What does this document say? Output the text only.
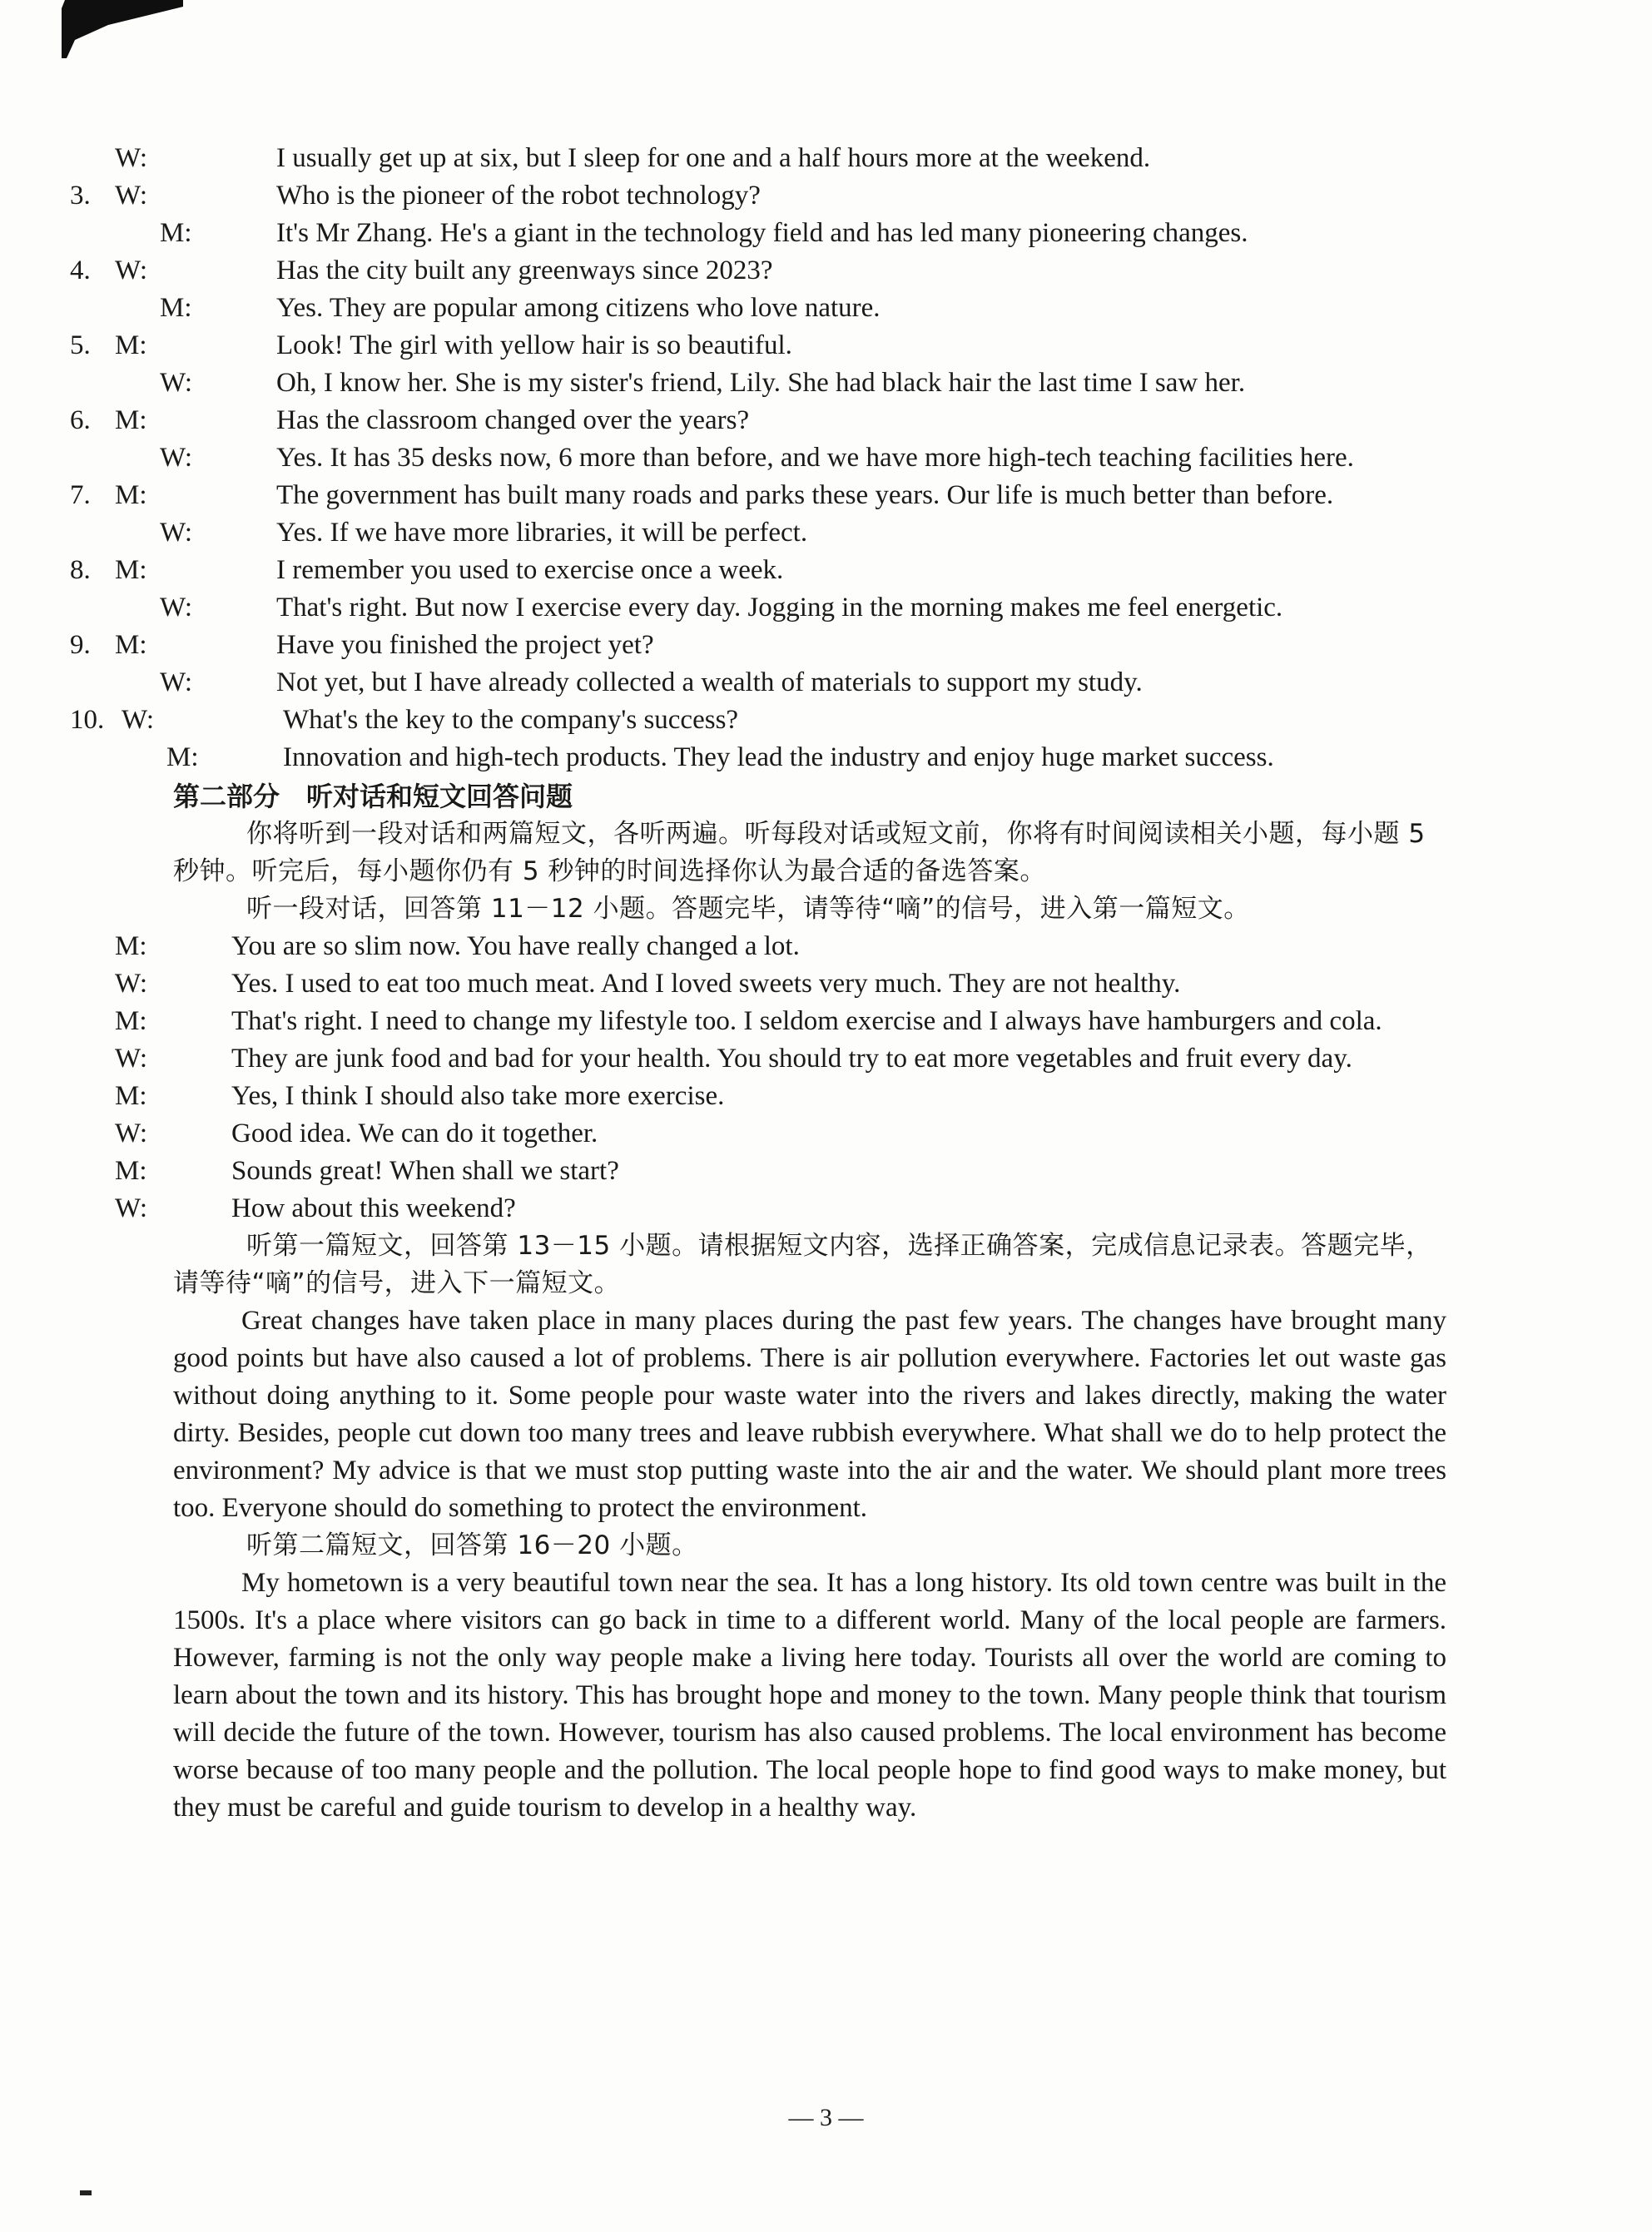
W:	I usually get up at six, but I sleep for one and a half hours more at the weekend.
3. W:	Who is the pioneer of the robot technology?
M:	It's Mr Zhang. He's a giant in the technology field and has led many pioneering changes.
4. W:	Has the city built any greenways since 2023?
M:	Yes. They are popular among citizens who love nature.
5. M:	Look! The girl with yellow hair is so beautiful.
W:	Oh, I know her. She is my sister's friend, Lily. She had black hair the last time I saw her.
6. M:	Has the classroom changed over the years?
W:	Yes. It has 35 desks now, 6 more than before, and we have more high-tech teaching facilities here.
7. M:	The government has built many roads and parks these years. Our life is much better than before.
W:	Yes. If we have more libraries, it will be perfect.
8. M:	I remember you used to exercise once a week.
W:	That's right. But now I exercise every day. Jogging in the morning makes me feel energetic.
9. M:	Have you finished the project yet?
W:	Not yet, but I have already collected a wealth of materials to support my study.
10. W:	What's the key to the company's success?
M:	Innovation and high-tech products. They lead the industry and enjoy huge market success.
第二部分　听对话和短文回答问题
你将听到一段对话和两篇短文，各听两遍。听每段对话或短文前，你将有时间阅读相关小题，每小题 5 秒钟。听完后，每小题你仍有 5 秒钟的时间选择你认为最合适的备选答案。
听一段对话，回答第 11－12 小题。答题完毕，请等待“嘀”的信号，进入第一篇短文。
M:	You are so slim now. You have really changed a lot.
W:	Yes. I used to eat too much meat. And I loved sweets very much. They are not healthy.
M:	That's right. I need to change my lifestyle too. I seldom exercise and I always have hamburgers and cola.
W:	They are junk food and bad for your health. You should try to eat more vegetables and fruit every day.
M:	Yes, I think I should also take more exercise.
W:	Good idea. We can do it together.
M:	Sounds great! When shall we start?
W:	How about this weekend?
听第一篇短文，回答第 13－15 小题。请根据短文内容，选择正确答案，完成信息记录表。答题完毕，请等待“嘀”的信号，进入下一篇短文。
Great changes have taken place in many places during the past few years. The changes have brought many good points but have also caused a lot of problems. There is air pollution everywhere. Factories let out waste gas without doing anything to it. Some people pour waste water into the rivers and lakes directly, making the water dirty. Besides, people cut down too many trees and leave rubbish everywhere. What shall we do to help protect the environment? My advice is that we must stop putting waste into the air and the water. We should plant more trees too. Everyone should do something to protect the environment.
听第二篇短文，回答第 16－20 小题。
My hometown is a very beautiful town near the sea. It has a long history. Its old town centre was built in the 1500s. It's a place where visitors can go back in time to a different world. Many of the local people are farmers. However, farming is not the only way people make a living here today. Tourists all over the world are coming to learn about the town and its history. This has brought hope and money to the town. Many people think that tourism will decide the future of the town. However, tourism has also caused problems. The local environment has become worse because of too many people and the pollution. The local people hope to find good ways to make money, but they must be careful and guide tourism to develop in a healthy way.
— 3 —
